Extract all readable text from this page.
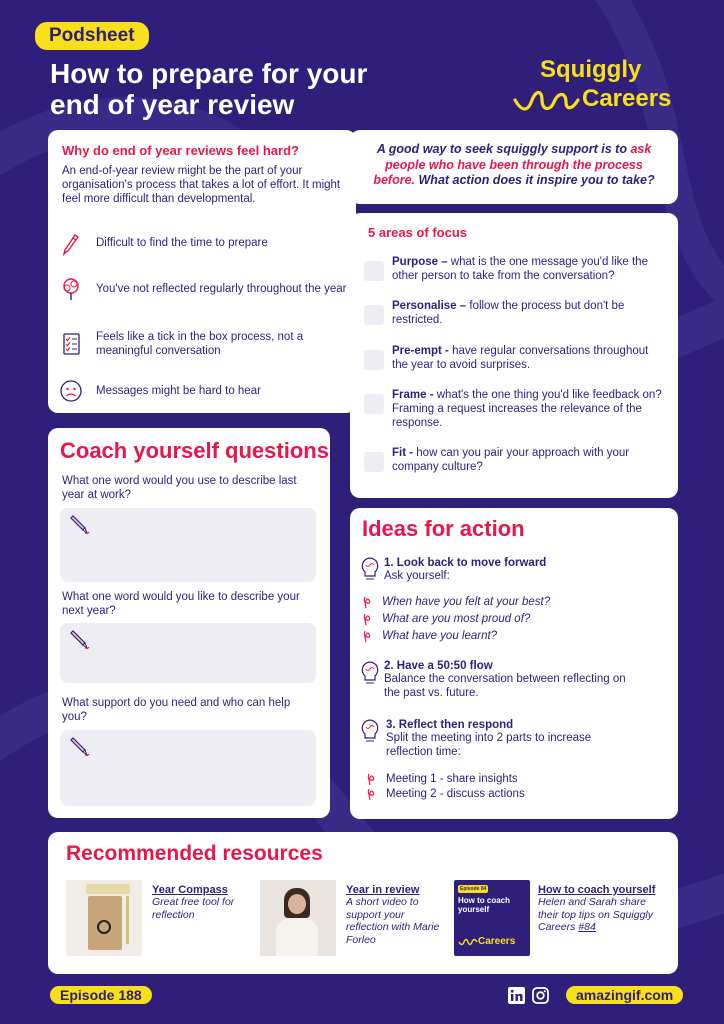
Podsheet
How to prepare for your
end of year review
Squiggly
Careers
Why do end of year reviews feel hard?
An end-of-year review might be the part of your organisation's process that takes a lot of effort. It might feel more difficult than developmental.
Difficult to find the time to prepare
You've not reflected regularly throughout the year
Feels like a tick in the box process, not a meaningful conversation
Messages might be hard to hear
A good way to seek squiggly support is to ask people who have been through the process before. What action does it inspire you to take?
5 areas of focus
Purpose – what is the one message you'd like the other person to take from the conversation?
Personalise – follow the process but don't be restricted.
Pre-empt - have regular conversations throughout the year to avoid surprises.
Frame - what's the one thing you'd like feedback on? Framing a request increases the relevance of the response.
Fit - how can you pair your approach with your company culture?
Coach yourself questions
What one word would you use to describe last year at work?
What one word would you like to describe your next year?
What support do you need and who can help you?
Ideas for action
1. Look back to move forward
Ask yourself:
When have you felt at your best?
What are you most proud of?
What have you learnt?
2. Have a 50:50 flow
Balance the conversation between reflecting on the past vs. future.
3. Reflect then respond
Split the meeting into 2 parts to increase reflection time:
Meeting 1 - share insights
Meeting 2 - discuss actions
Recommended resources
Year Compass
Great free tool for reflection
Year in review
A short video to support your reflection with Marie Forleo
Episode 84
How to coach yourself
Careers
How to coach yourself
Helen and Sarah share their top tips on Squiggly Careers #84
Episode 188	amazingif.com
